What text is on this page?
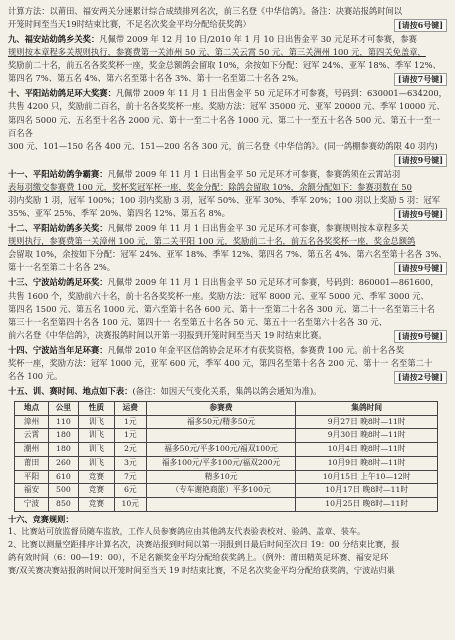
计算方法：以莆田、福安两关分速累计综合成绩排列名次，前三名登《中华信鸽》。备注：决赛站报鸽时间以

开笼时间至当天19时结束比赛，不足名次奖金平均分配给获奖鸽）	[请按6号键]

九、福安站幼鸽乡关奖：凡佩带 2009 年 12 月 10 日/2010 年 1 月 10 日出售金平 30 元足环才可参赛，参赛

规则按本章程多关规则执行，参赛费第一关沛州 50 元、第二关云霄 50 元、第三关洲州 100 元，第四关免盖章，

奖励前二十名，前五名各奖奖杯一座，奖金总额鸽会留取 10%，余按如下分配：冠军 24%、亚军 18%、季军 12%、

第四名 7%、第五名 4%、第六名至第十名各 3%、第十一名至第二十名各 2%。	[请按7号键]

十、平阳站幼鸽足环大奖赛：凡佩带 2009 年 11 月 1 日出售金平 50 元足环才可参赛，号码到：630001—634200，

共售 4200 只，奖励前二百名，前十名各奖奖杯一座。奖励方法：冠军 35000 元、亚军 20000 元、季军 10000 元、

第四名 5000 元、五名至十名各 2000 元、第十一至二十名各 1000 元、第二十一至五十名各 500 元、第五十一至一百名各

300 元、101—150 名各 400 元、151—200 名各 300 元，前三名登《中华信鸽》。(同一鸽棚参赛幼鸽限 40 羽内)

[请按9号键]

十一、平阳站幼鸽争霸赛：凡佩带 2009 年 11 月 1 日出售金平 50 元足环才可参赛，参赛鸽须在云霄站羽

表每羽缴交参赛费 100 元，奖杯奖冠军杯一座，奖金分配：除鸽会留取 10%，余额分配如下：参赛羽数在 50

羽内奖励 1 羽，冠军 100%；100 羽内奖励 3 羽，冠军 50%、亚军 30%、季军 20%；100 羽以上奖励 5 羽：冠军

35%、亚军 25%、季军 20%、第四名 12%、第五名 8%。	[请按9号键]

十二、平阳站幼鸽多关奖：凡佩带 2009 年 11 月 1 日出售金平 30 元足环才可参赛，参赛规则按本章程多关

规则执行，参赛费第一关漳州 100 元，第二关平阳 100 元，奖励前二十名，前五名各奖奖杯一座，奖金总额鸽

会留取 10%，余按如下分配：冠军 24%、亚军 18%、季军 12%、第四名 7%、第五名 4%、第六名至第十名各 3%、

第十一名至第二十名各 2%。	[请按9号键]

十三、宁波站幼鸽足环奖：凡佩带 2009 年 11 月 1 日出售金平 50 元足环才可参赛，号码到：860001—861600，

共售 1600 个，奖励前六十名，前十名各奖奖杯一座。奖励方法：冠军 8000 元、亚军 5000 元、季军 3000 元、

第四名 1500 元、第五名 1000 元、第六至第十名各 600 元、第十一至第二十名各 300 元、第二十一名至第三十名

第三十一名至第四十名各 100 元、第四十一 名至第五十名各 50 元、第五十一名至第六十名各 30 元、

前六名登《中华信鸽》，决赛报鸽时间以开第一羽报到开笼时间至当天 19 时结束比赛。	[请按9号键]

十四、宁波站当年足环赛：凡佩带 2010 年金平区信鸽协会足环才有获奖资格，参赛费 100 元。前十名各奖

奖杯一座，奖励方法：冠军 1000 元，亚军 600 元，季军 400 元，第四名至第十名各 200 元、第十一 名至第二十

名各 100 元。	[请按2号键]

十五、训、赛时间、地点如下表：(备注：如因天气变化关系，集鸽以鸽会通知为准)。

地点	公里	性质	运费	参赛费	集鸽时间
漳州	110	训飞	1元	福多50元/精多50元	9月27日 晚8时—11时
云霄	180	训飞	1元		9月30日 晚8时—11时
潮州	180	训飞	2元	福多50元/平多100元/福双100元	10月4日 晚8时—11时
莆田	260	训飞	3元	福多100元/平多100元/福双200元	10月9日 晚8时—11时
平阳	610	竞赛	7元	精多10元	10月15日 上午10—12时
福安	500	竞赛	6元	（专车谢艳商旅）平多100元	10月17日 晚8时—11时
宁波	850	竞赛	10元		10月25日 晚8时—11时

十六、竞赛规则：

1、比赛站可放监督员随车监放，工作人员参赛鸽应由其他鸽友代表验表校对、验鸽、盖章、装车。

2、比赛以测量空距排序计算名次，决赛站报到时间以第一羽报到日最后时间至次日 19：00 分结束比赛，报

鸽有效时间（6：00—19：00），不足名额奖金平均分配给获奖鸽上。（例外：莆田精英足环赛、福安足环

赛/双关赛决赛站报鸽时间以开笼时间至当天 19 时结束比赛，不足名次奖金平均分配给获奖鸽，宁波站归巢
